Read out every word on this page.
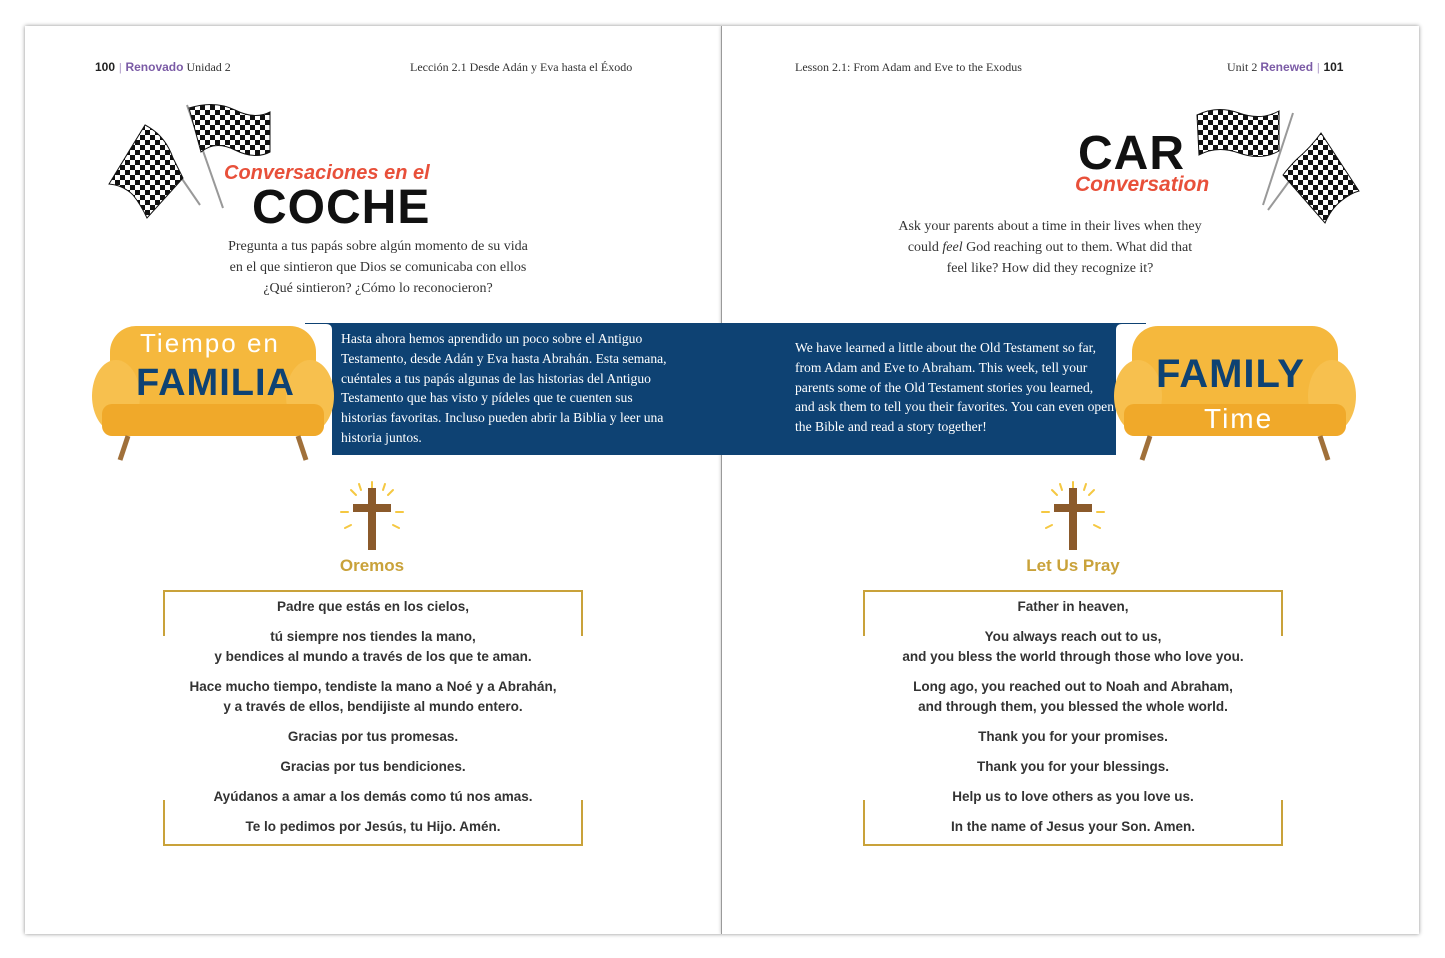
100 | Renovado Unidad 2	Lección 2.1 Desde Adán y Eva hasta el Éxodo	Lesson 2.1: From Adam and Eve to the Exodus	Unit 2 Renewed | 101
Conversaciones en el
COCHE
Pregunta a tus papás sobre algún momento de su vida en el que sintieron que Dios se comunicaba con ellos ¿Qué sintieron? ¿Cómo lo reconocieron?
CAR
Conversation
Ask your parents about a time in their lives when they could feel God reaching out to them. What did that feel like? How did they recognize it?
Hasta ahora hemos aprendido un poco sobre el Antiguo Testamento, desde Adán y Eva hasta Abrahán. Esta semana, cuéntales a tus papás algunas de las historias del Antiguo Testamento que has visto y pídeles que te cuenten sus historias favoritas. Incluso pueden abrir la Biblia y leer una historia juntos.
We have learned a little about the Old Testament so far, from Adam and Eve to Abraham. This week, tell your parents some of the Old Testament stories you learned, and ask them to tell you their favorites. You can even open the Bible and read a story together!
Tiempo en
FAMILIA	FAMILY
Time
Oremos	Let Us Pray

Padre que estás en los cielos,

tú siempre nos tiendes la mano,
y bendices al mundo a través de los que te aman.

Hace mucho tiempo, tendiste la mano a Noé y a Abrahán,
y a través de ellos, bendijiste al mundo entero.

Gracias por tus promesas.

Gracias por tus bendiciones.

Ayúdanos a amar a los demás como tú nos amas.

Te lo pedimos por Jesús, tu Hijo. Amén.

Father in heaven,

You always reach out to us,
and you bless the world through those who love you.

Long ago, you reached out to Noah and Abraham,
and through them, you blessed the whole world.

Thank you for your promises.

Thank you for your blessings.

Help us to love others as you love us.

In the name of Jesus your Son. Amen.
